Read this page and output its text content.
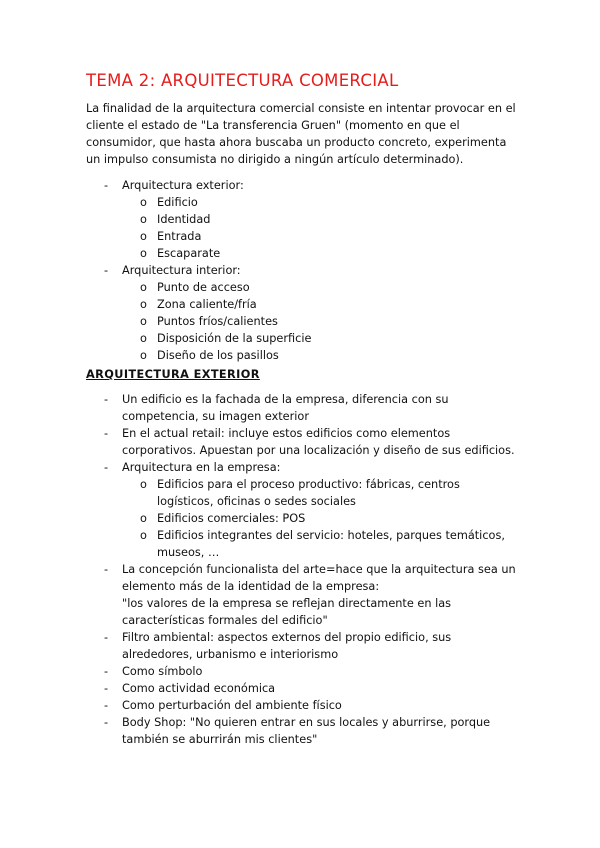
TEMA 2: ARQUITECTURA COMERCIAL

La finalidad de la arquitectura comercial consiste en intentar provocar en el cliente el estado de "La transferencia Gruen" (momento en que el consumidor, que hasta ahora buscaba un producto concreto, experimenta un impulso consumista no dirigido a ningún artículo determinado).

- Arquitectura exterior:
o Edificio
o Identidad
o Entrada
o Escaparate
- Arquitectura interior:
o Punto de acceso
o Zona caliente/fría
o Puntos fríos/calientes
o Disposición de la superficie
o Diseño de los pasillos
ARQUITECTURA EXTERIOR
- Un edificio es la fachada de la empresa, diferencia con su competencia, su imagen exterior
- En el actual retail: incluye estos edificios como elementos corporativos. Apuestan por una localización y diseño de sus edificios.
- Arquitectura en la empresa:
o Edificios para el proceso productivo: fábricas, centros logísticos, oficinas o sedes sociales
o Edificios comerciales: POS
o Edificios integrantes del servicio: hoteles, parques temáticos, museos, …
- La concepción funcionalista del arte=hace que la arquitectura sea un elemento más de la identidad de la empresa:
"los valores de la empresa se reflejan directamente en las características formales del edificio"
- Filtro ambiental: aspectos externos del propio edificio, sus alrededores, urbanismo e interiorismo
- Como símbolo
- Como actividad económica
- Como perturbación del ambiente físico
- Body Shop: "No quieren entrar en sus locales y aburrirse, porque también se aburrirán mis clientes"
